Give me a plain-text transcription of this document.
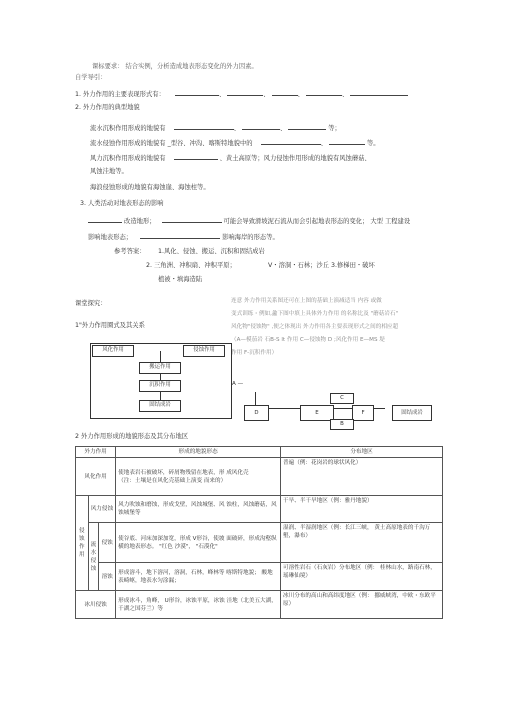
课标要求： 结合实例，分析造成地表形态变化的外力因素。
自学导引：
1. 外力作用的主要表现形式有：	、	、	、	、
2. 外力作用的典型地貌
流水沉积作用形成的地貌有	、	、	等；
流水侵蚀作用形成的地貌有 _型谷、冲沟、喀斯特地貌中的	、	等。
风力沉积作用形成的地貌有	、黄土高原等；风力侵蚀作用形成的地貌有风蚀蘑菇、
风蚀洼地等。
海浪侵蚀形成的地貌有海蚀崖、海蚀柱等。
3. 人类活动对地表形态的影响
改造地形；	可能会导致滑坡泥石流从而会引起地表形态的变化； 大型 工程建设
影响地表形态；	影响海岸的形态等。
参考答案： 1.风化、侵蚀、搬运、沉积和固结成岩
2. 三角洲、冲积扇、冲积平原；	V・溶洞・石林；沙丘 3.修梯田・破坏
植被・填海造陆
课堂探究：
1"外力作用圈式及其关系
连意 外力作用关系图还可在上图的基础上演减适当 内容 或做
变式训练・例如,蠡下图中填上具体外力作用 的名称比及 "蘑菇岩石"
风化物"侵蚀物" ,便之体现出 外力作用各主要表现形式之间的相应超
（A—模茄岩 石B-S lt 作用 C—侵蚀物 D ;风化作用 E—MS 堤
作用 F-沉积作用）
风化作用	侵蚀作用
搬运作用
沉积作用
固结成岩
A —
D	E	F	固结成岩
C
B
2 外力作用形成的地貌形态及其分布地区
外力作用			形成的地貌形态	分布地区
风化作用			使地表岩石被破坏，碎屑物残留在地表，形 成风化壳
（注：土壤是在风化壳基础上演变 而来的）	普遍（例：花岗岩的球状风化）
侵蚀作用	风力侵蚀		风力吹蚀和磨蚀，形成戈壁，风蚀城堡、风 蚀柱，风蚀蘑菇，风蚀城堡等	干旱、半干旱地区（例：雅丹地貌）
	流水侵蚀	侵蚀	使谷底、河床加深加宽，形成 V形谷，使坡 面破碎，形成沟壑纵横的地表形态。 "红色 沙漠"， "石漠化"	湿润、半湿润地区（例：长江三峡， 黄土高原地表的千沟万壑，瀑布）
		溶蚀	形成溶斗，地下溶河，溶洞，石林，峰林等 喀斯特地貌； 酸地表崎岖，地表水匀涂漏；	可溶性岩石（石灰岩）分布地区（例： 桂林山水，路南石林，瑶琳仙境）
冰川侵蚀			形成冰斗，角峰， U形谷，冰蚀平原，冰蚀 洼地（北美五大湖，千湖之国芬兰）等	冰川分布的高山和高纬度地区（例： 挪威峡湾，中欧・东欧平原）
